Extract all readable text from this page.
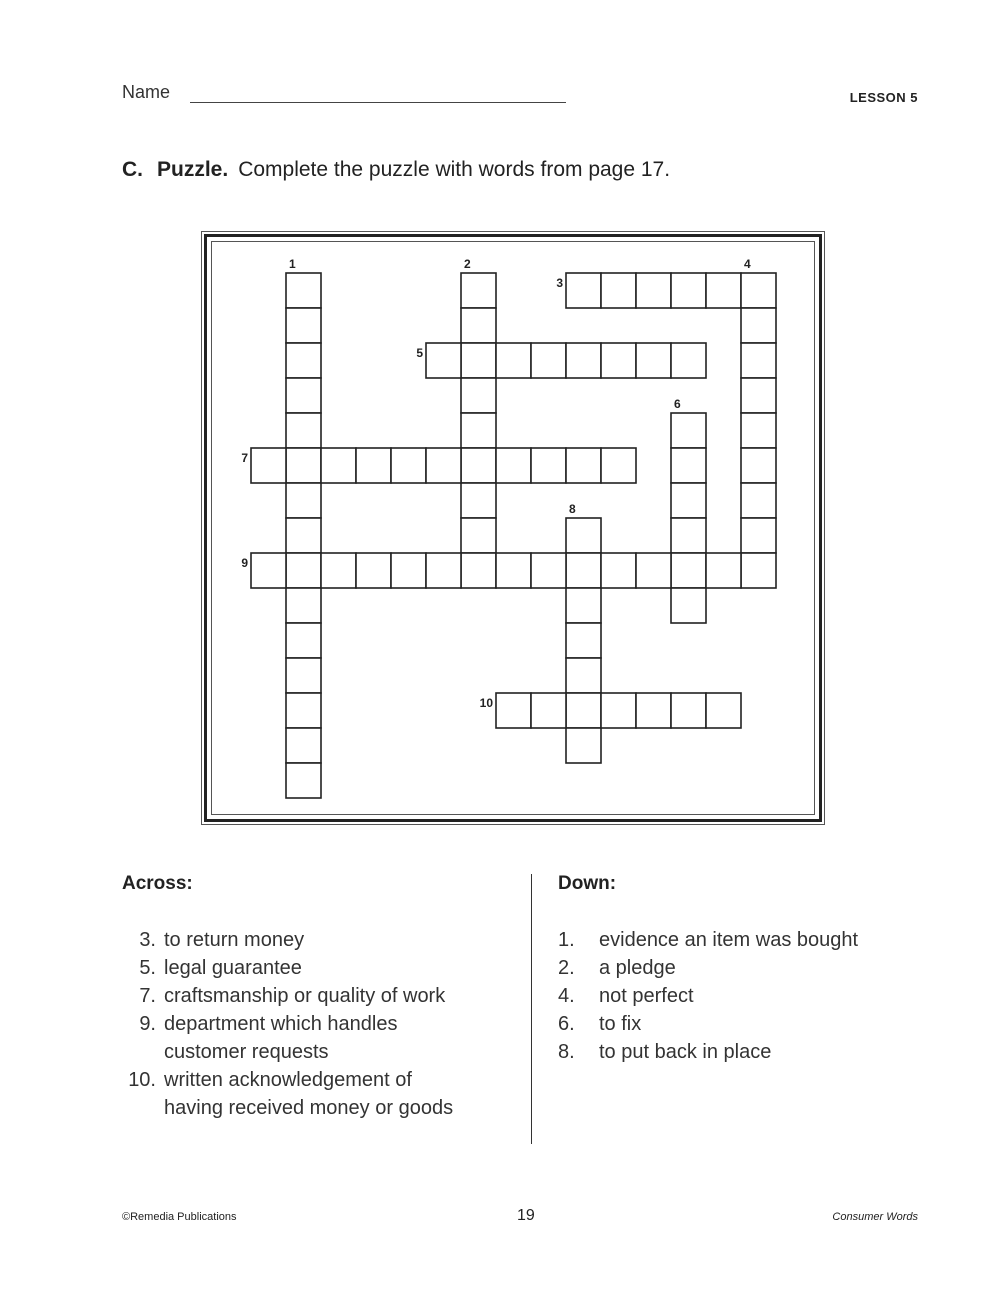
Name	LESSON 5
C. Puzzle. Complete the puzzle with words from page 17.
1	2
3
4
5
6
7
8
9
10
Across:	Down:
3. to return money
5. legal guarantee
7. craftsmanship or quality of work
9. department which handles
customer requests
10. written acknowledgement of
having received money or goods
1. evidence an item was bought
2. a pledge
4. not perfect
6. to fix
8. to put back in place
©Remedia Publications	19	Consumer Words
